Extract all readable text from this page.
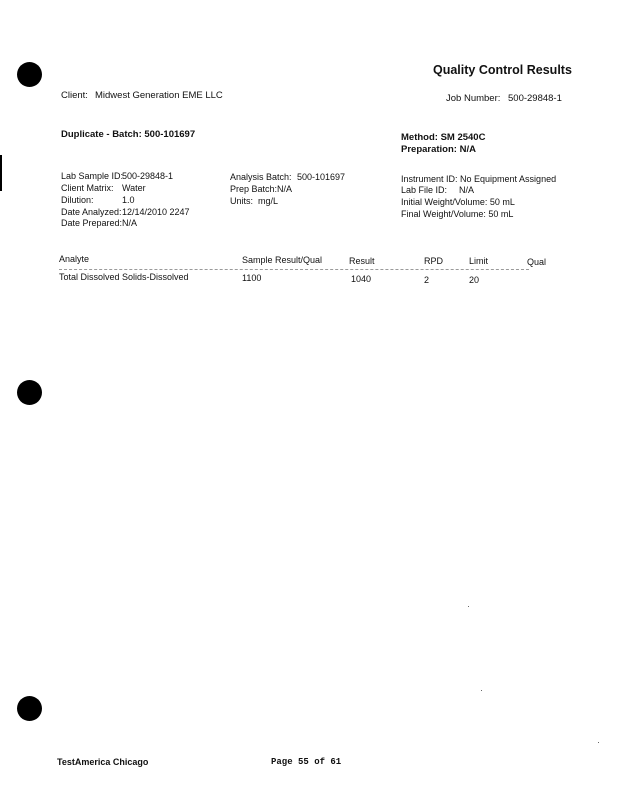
Quality Control Results
Client: Midwest Generation EME LLC	Job Number: 500-29848-1
Duplicate - Batch: 500-101697	Method: SM 2540C
Preparation: N/A
Lab Sample ID:
500-29848-1
Client Matrix: Water
Dilution:	1.0
Date Analyzed: 12/14/2010 2247
Date Prepared: N/A
Analysis Batch: 500-101697
Prep Batch: N/A
Units: mg/L
Instrument ID: No Equipment Assigned
Lab File ID: N/A
Initial Weight/Volume: 50 mL
Final Weight/Volume: 50 mL
Analyte	Sample Result/Qual	Result	RPD	Limit	Qual
Total Dissolved Solids-Dissolved	1100	1040	2	20
TestAmerica Chicago	Page 55 of 61
